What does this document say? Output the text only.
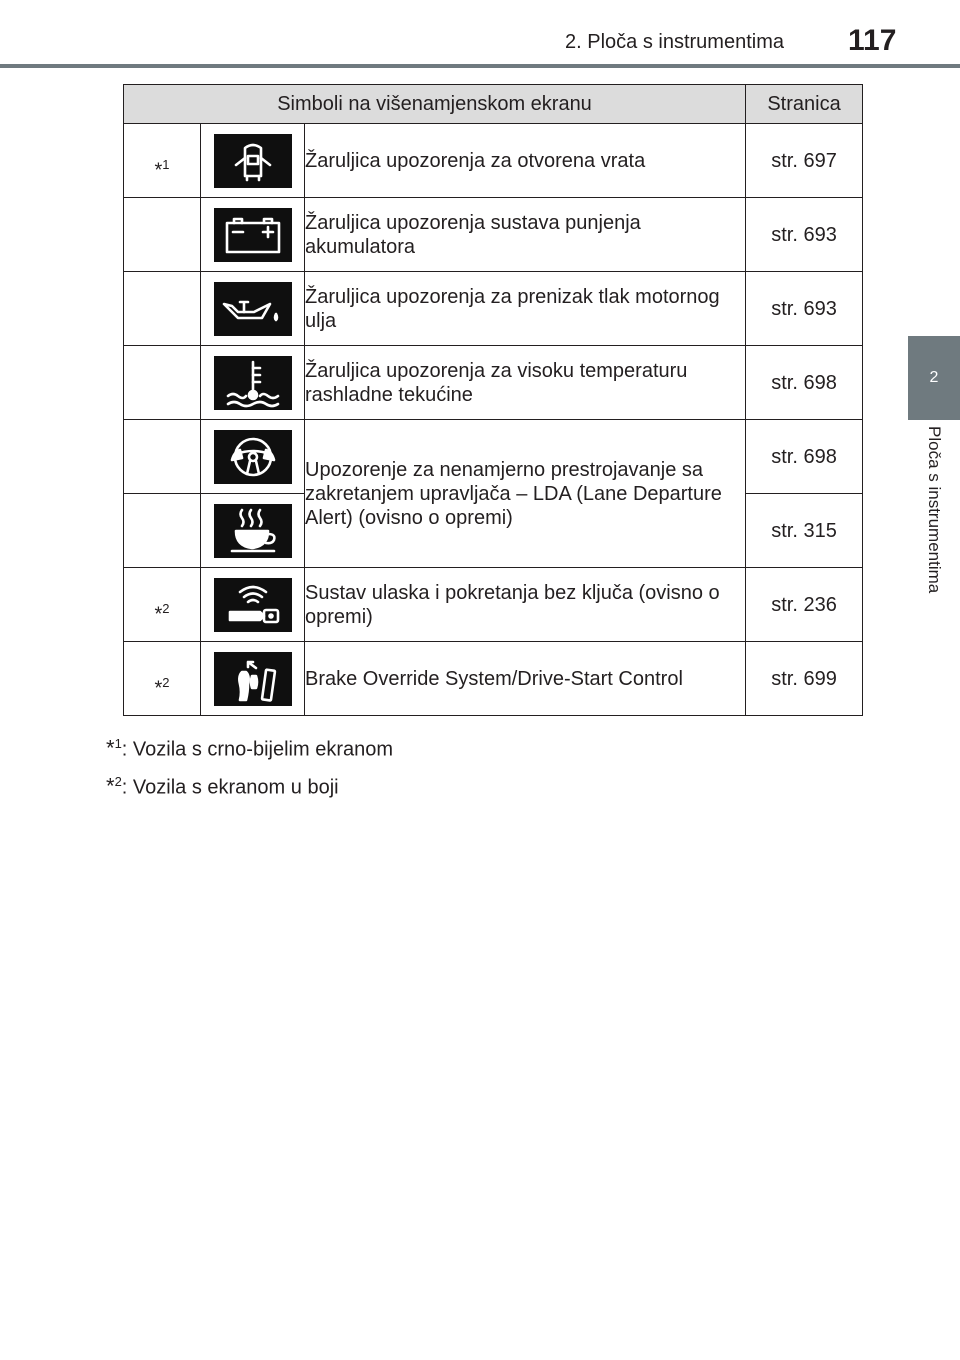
2. Ploča s instrumentima 117
2
Ploča s instrumentima
Simboli na višenamjenskom ekranu			Stranica
*$^1$		Žaruljica upozorenja za otvorena vrata	str. 697

	Žaruljica upozorenja sustava punjenja akumulatora	str. 693

	Žaruljica upozorenja za prenizak tlak motornog ulja	str. 693

	Žaruljica upozorenja za visoku temperaturu rashladne tekućine	str. 698

	Upozorenje za nenamjerno prestrojavanje sa zakretanjem upravljača – LDA (Lane Departure Alert) (ovisno o opremi)	str. 698

	str. 315
*$^2$		Sustav ulaska i pokretanja bez ključa (ovisno o opremi)	str. 236
*$^2$		Brake Override System/Drive-Start Control	str. 699
*$^1$: Vozila s crno-bijelim ekranom
*$^2$: Vozila s ekranom u boji
